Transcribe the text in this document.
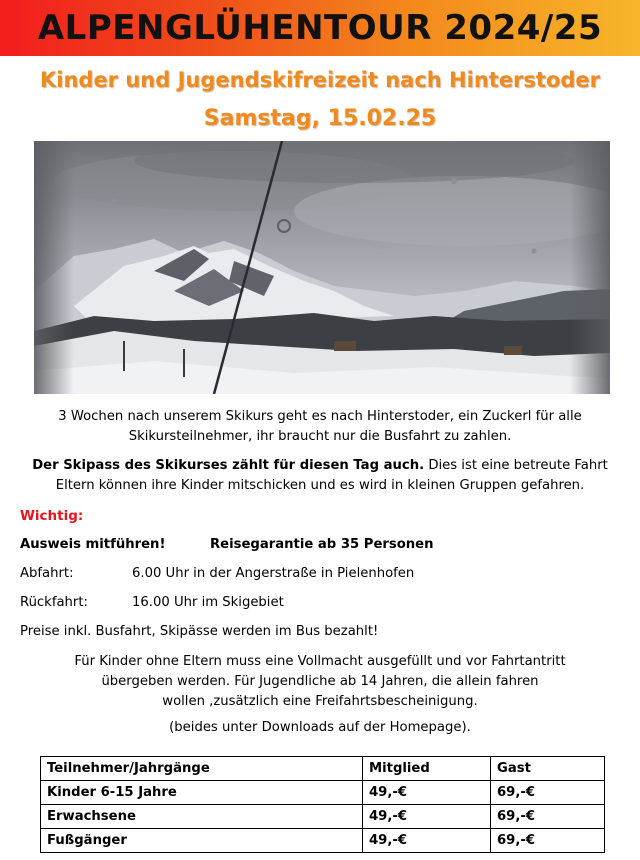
ALPENGLÜHENTOUR 2024/25
Kinder und Jugendskifreizeit nach Hinterstoder
Samstag, 15.02.25
3 Wochen nach unserem Skikurs geht es nach Hinterstoder, ein Zuckerl für alle
Skikursteilnehmer, ihr braucht nur die Busfahrt zu zahlen.
Der Skipass des Skikurses zählt für diesen Tag auch. Dies ist eine betreute Fahrt
Eltern können ihre Kinder mitschicken und es wird in kleinen Gruppen gefahren.
Wichtig:
Ausweis mitführen!	Reisegarantie ab 35 Personen
Abfahrt:	6.00 Uhr in der Angerstraße in Pielenhofen
Rückfahrt:	16.00 Uhr im Skigebiet
Preise inkl. Busfahrt, Skipässe werden im Bus bezahlt!
Für Kinder ohne Eltern muss eine Vollmacht ausgefüllt und vor Fahrtantritt
übergeben werden. Für Jugendliche ab 14 Jahren, die allein fahren
wollen ,zusätzlich eine Freifahrtsbescheinigung.
(beides unter Downloads auf der Homepage).
Teilnehmer/Jahrgänge	Mitglied	Gast
Kinder 6-15 Jahre	49,-€	69,-€
Erwachsene	49,-€	69,-€
Fußgänger	49,-€	69,-€
